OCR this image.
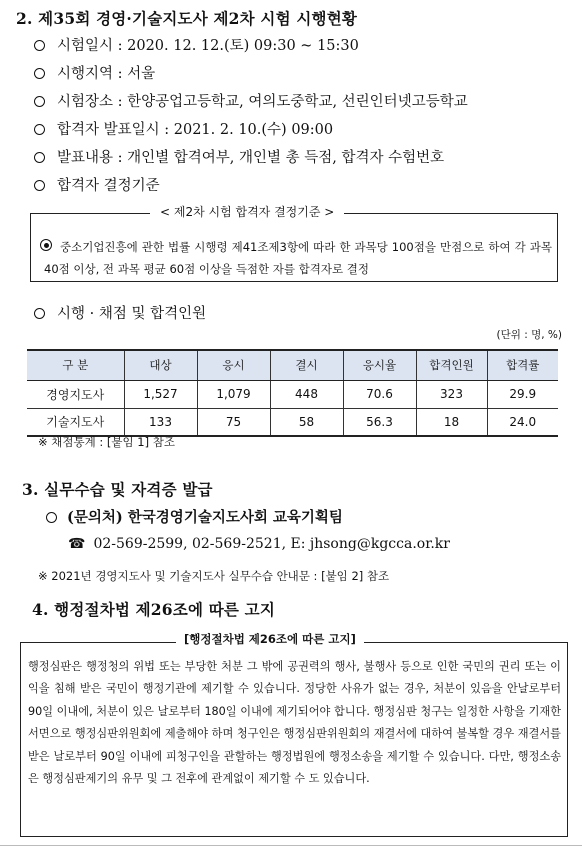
2. 제35회 경영·기술지도사 제2차 시험 시행현황
시험일시 : 2020. 12. 12.(토) 09:30 ~ 15:30
시행지역 : 서울
시험장소 : 한양공업고등학교, 여의도중학교, 선린인터넷고등학교
합격자 발표일시 : 2021. 2. 10.(수) 09:00
발표내용 : 개인별 합격여부, 개인별 총 득점, 합격자 수험번호
합격자 결정기준
< 제2차 시험 합격자 결정기준 >
중소기업진흥에 관한 법률 시행령 제41조제3항에 따라 한 과목당 100점을 만점으로 하여 각 과목 40점 이상, 전 과목 평균 60점 이상을 득점한 자를 합격자로 결정
시행 · 채점 및 합격인원
(단위 : 명, %)
구 분	대상	응시	결시	응시율	합격인원	합격률
경영지도사	1,527	1,079	448	70.6	323	29.9
기술지도사	133	75	58	56.3	18	24.0
※ 채점통계 : [붙임 1] 참조
3. 실무수습 및 자격증 발급
(문의처) 한국경영기술지도사회 교육기획팀
☎ 02-569-2599, 02-569-2521, E: jhsong@kgcca.or.kr
※ 2021년 경영지도사 및 기술지도사 실무수습 안내문 : [붙임 2] 참조
4. 행정절차법 제26조에 따른 고지
[행정절차법 제26조에 따른 고지]
행정심판은 행정청의 위법 또는 부당한 처분 그 밖에 공권력의 행사, 불행사 등으로 인한 국민의 권리 또는 이익을 침해 받은 국민이 행정기관에 제기할 수 있습니다. 정당한 사유가 없는 경우, 처분이 있음을 안날로부터 90일 이내에, 처분이 있은 날로부터 180일 이내에 제기되어야 합니다. 행정심판 청구는 일정한 사항을 기재한 서면으로 행정심판위원회에 제출해야 하며 청구인은 행정심판위원회의 재결서에 대하여 불복할 경우 재결서를 받은 날로부터 90일 이내에 피청구인을 관할하는 행정법원에 행정소송을 제기할 수 있습니다. 다만, 행정소송은 행정심판제기의 유무 및 그 전후에 관계없이 제기할 수 도 있습니다.
